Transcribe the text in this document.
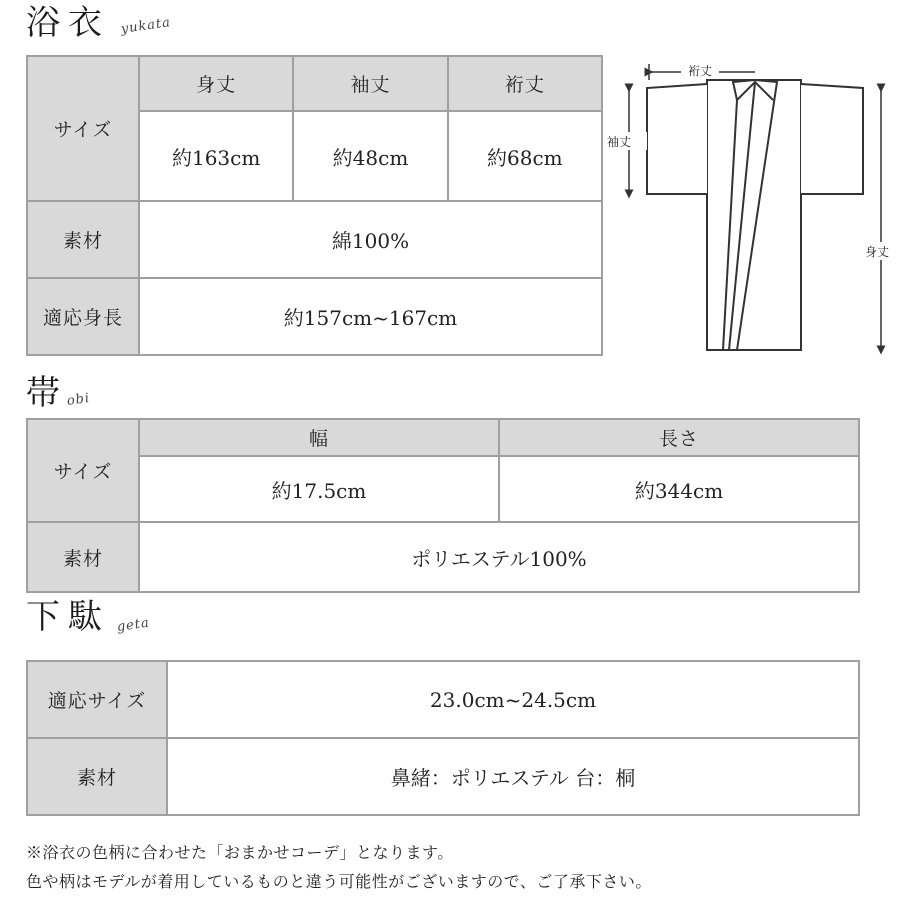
浴衣 yukata
サイズ	身丈	袖丈	裄丈
	約163cm	約48cm	約68cm
素材	綿100%		
適応身長	約157cm~167cm		
裄丈
袖丈
身丈
帯
obi
サイズ	幅	長さ
	約17.5cm	約344cm
素材	ポリエステル100%	
下駄 geta
適応サイズ	23.0cm~24.5cm
素材	鼻緒：ポリエステル 台：桐
※浴衣の色柄に合わせた「おまかせコーデ」となります。
色や柄はモデルが着用しているものと違う可能性がございますので、ご了承下さい。
